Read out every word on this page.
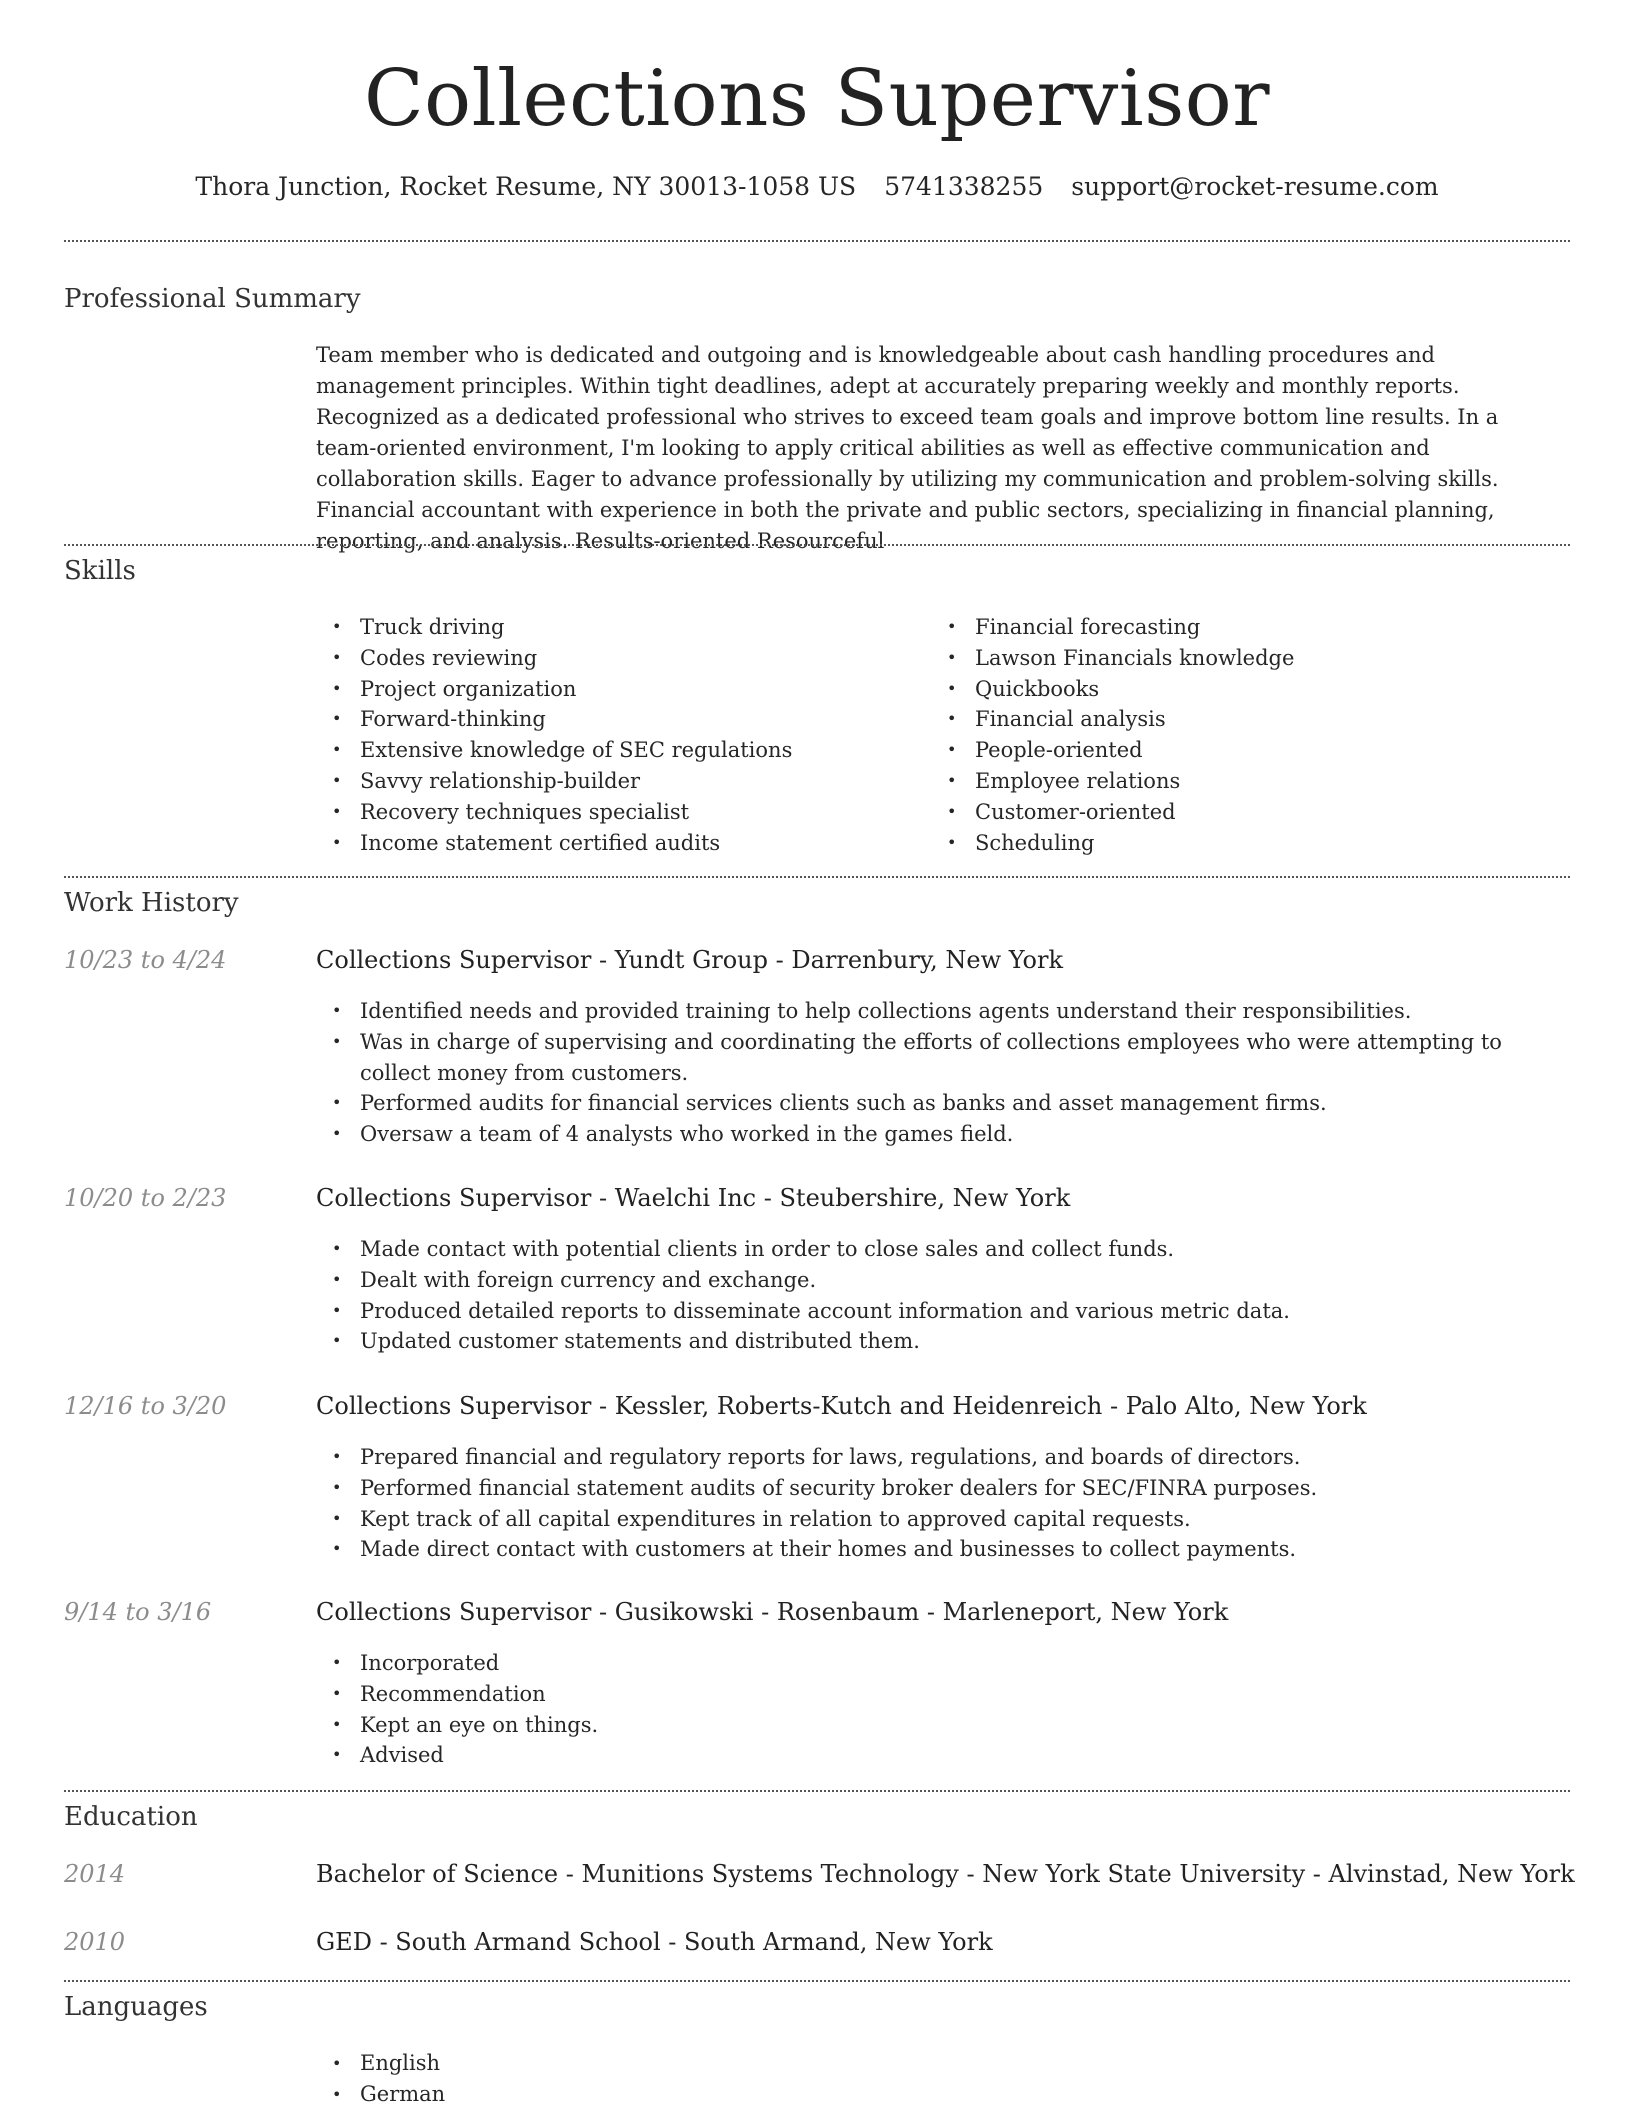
Collections Supervisor
Thora Junction, Rocket Resume, NY 30013-1058 US 5741338255 support@rocket-resume.com
Professional Summary
Team member who is dedicated and outgoing and is knowledgeable about cash handling procedures and management principles. Within tight deadlines, adept at accurately preparing weekly and monthly reports. Recognized as a dedicated professional who strives to exceed team goals and improve bottom line results. In a team-oriented environment, I'm looking to apply critical abilities as well as effective communication and collaboration skills. Eager to advance professionally by utilizing my communication and problem-solving skills. Financial accountant with experience in both the private and public sectors, specializing in financial planning, reporting, and analysis. Results-oriented Resourceful
Skills
• Truck driving
• Codes reviewing
• Project organization
• Forward-thinking
• Extensive knowledge of SEC regulations
• Savvy relationship-builder
• Recovery techniques specialist
• Income statement certified audits
• Financial forecasting
• Lawson Financials knowledge
• Quickbooks
• Financial analysis
• People-oriented
• Employee relations
• Customer-oriented
• Scheduling
Work History
10/23 to 4/24	Collections Supervisor - Yundt Group - Darrenbury, New York
• Identified needs and provided training to help collections agents understand their responsibilities.
• Was in charge of supervising and coordinating the efforts of collections employees who were attempting to collect money from customers.
• Performed audits for financial services clients such as banks and asset management firms.
• Oversaw a team of 4 analysts who worked in the games field.
10/20 to 2/23	Collections Supervisor - Waelchi Inc - Steubershire, New York
• Made contact with potential clients in order to close sales and collect funds.
• Dealt with foreign currency and exchange.
• Produced detailed reports to disseminate account information and various metric data.
• Updated customer statements and distributed them.
12/16 to 3/20	Collections Supervisor - Kessler, Roberts-Kutch and Heidenreich - Palo Alto, New York
• Prepared financial and regulatory reports for laws, regulations, and boards of directors.
• Performed financial statement audits of security broker dealers for SEC/FINRA purposes.
• Kept track of all capital expenditures in relation to approved capital requests.
• Made direct contact with customers at their homes and businesses to collect payments.
9/14 to 3/16	Collections Supervisor - Gusikowski - Rosenbaum - Marleneport, New York
• Incorporated
• Recommendation
• Kept an eye on things.
• Advised
Education
2014	Bachelor of Science - Munitions Systems Technology - New York State University - Alvinstad, New York
2010	GED - South Armand School - South Armand, New York
Languages
• English
• German
